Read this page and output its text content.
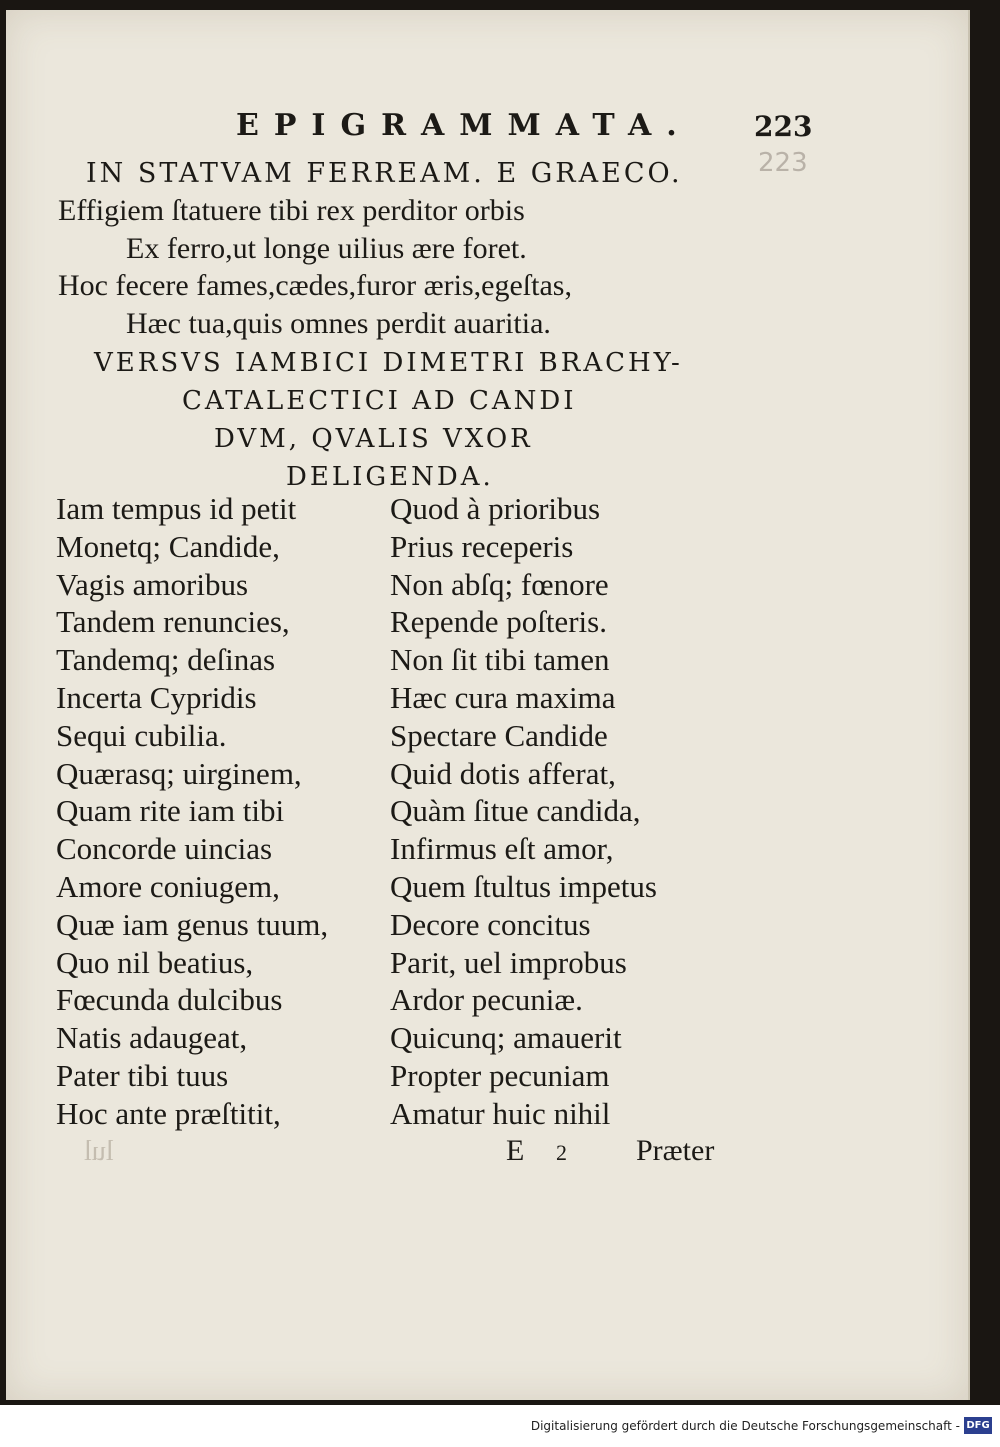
EPIGRAMMATA. 223
223
IN STATVAM FERREAM. E GRAECO.
Effigiem ſtatuere tibi rex perditor orbis
Ex ferro,ut longe uilius ære foret.
Hoc fecere fames,cædes,furor æris,egeſtas,
Hæc tua,quis omnes perdit auaritia.
VERSVS IAMBICI DIMETRI BRACHY-
CATALECTICI AD CANDI
DVM, QVALIS VXOR
DELIGENDA.
Iam tempus id petit
Monetq; Candide,
Vagis amoribus
Tandem renuncies,
Tandemq; deſinas
Incerta Cypridis
Sequi cubilia.
Quærasq; uirginem,
Quam rite iam tibi
Concorde uincias
Amore coniugem,
Quæ iam genus tuum,
Quo nil beatius,
Fœcunda dulcibus
Natis adaugeat,
Pater tibi tuus
Hoc ante præſtitit,
Quod à prioribus
Prius receperis
Non abſq; fœnore
Repende poſteris.
Non ſit tibi tamen
Hæc cura maxima
Spectare Candide
Quid dotis afferat,
Quàm ſitue candida,
Infirmus eſt amor,
Quem ſtultus impetus
Decore concitus
Parit, uel improbus
Ardor pecuniæ.
Quicunq; amauerit
Propter pecuniam
Amatur huic nihil
lul	E 2 Præter
Digitalisierung gefördert durch die Deutsche Forschungsgemeinschaft - DFG
